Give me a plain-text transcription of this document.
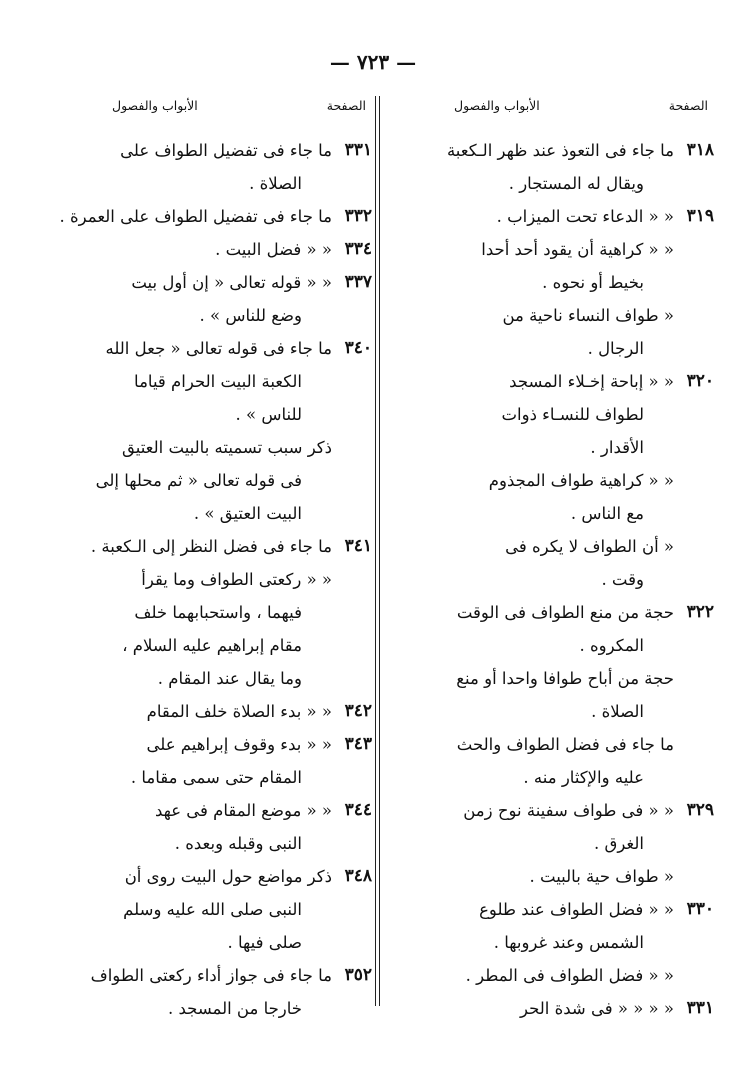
— ٧٢٣ —
الصفحة
الأبواب والفصول
٣١٨
ما جاء فى التعوذ عند ظهر الـكعبة
ويقال له المستجار .
٣١٩
« « الدعاء تحت الميزاب .
« « كراهية أن يقود أحد أحدا
بخيط أو نحوه .
« طواف النساء ناحية من
الرجال .
٣٢٠
« « إباحة إخـلاء المسجد
لطواف للنسـاء ذوات
الأقدار .
« « كراهية طواف المجذوم
مع الناس .
« أن الطواف لا يكره فى
وقت .
٣٢٢
حجة من منع الطواف فى الوقت
المكروه .
حجة من أباح طوافا واحدا أو منع
الصلاة .
ما جاء فى فضل الطواف والحث
عليه والإكثار منه .
٣٢٩
« « فى طواف سفينة نوح زمن
الغرق .
« طواف حية بالبيت .
٣٣٠
« « فضل الطواف عند طلوع
الشمس وعند غروبها .
« « فضل الطواف فى المطر .
٣٣١
« « « « فى شدة الحر
الصفحة
الأبواب والفصول
٣٣١
ما جاء فى تفضيل الطواف على
الصلاة .
٣٣٢
ما جاء فى تفضيل الطواف على العمرة .
٣٣٤
« « فضل البيت .
٣٣٧
« « قوله تعالى « إن أول بيت
وضع للناس » .
٣٤٠
ما جاء فى قوله تعالى « جعل الله
الكعبة البيت الحرام قياما
للناس » .
ذكر سبب تسميته بالبيت العتيق
فى قوله تعالى « ثم محلها إلى
البيت العتيق » .
٣٤١
ما جاء فى فضل النظر إلى الـكعبة .
« « ركعتى الطواف وما يقرأ
فيهما ، واستحبابهما خلف
مقام إبراهيم عليه السلام ،
وما يقال عند المقام .
٣٤٢
« « بدء الصلاة خلف المقام
٣٤٣
« « بدء وقوف إبراهيم على
المقام حتى سمى مقاما .
٣٤٤
« « موضع المقام فى عهد
النبى وقبله وبعده .
٣٤٨
ذكر مواضع حول البيت روى أن
النبى صلى الله عليه وسلم
صلى فيها .
٣٥٢
ما جاء فى جواز أداء ركعتى الطواف
خارجا من المسجد .
